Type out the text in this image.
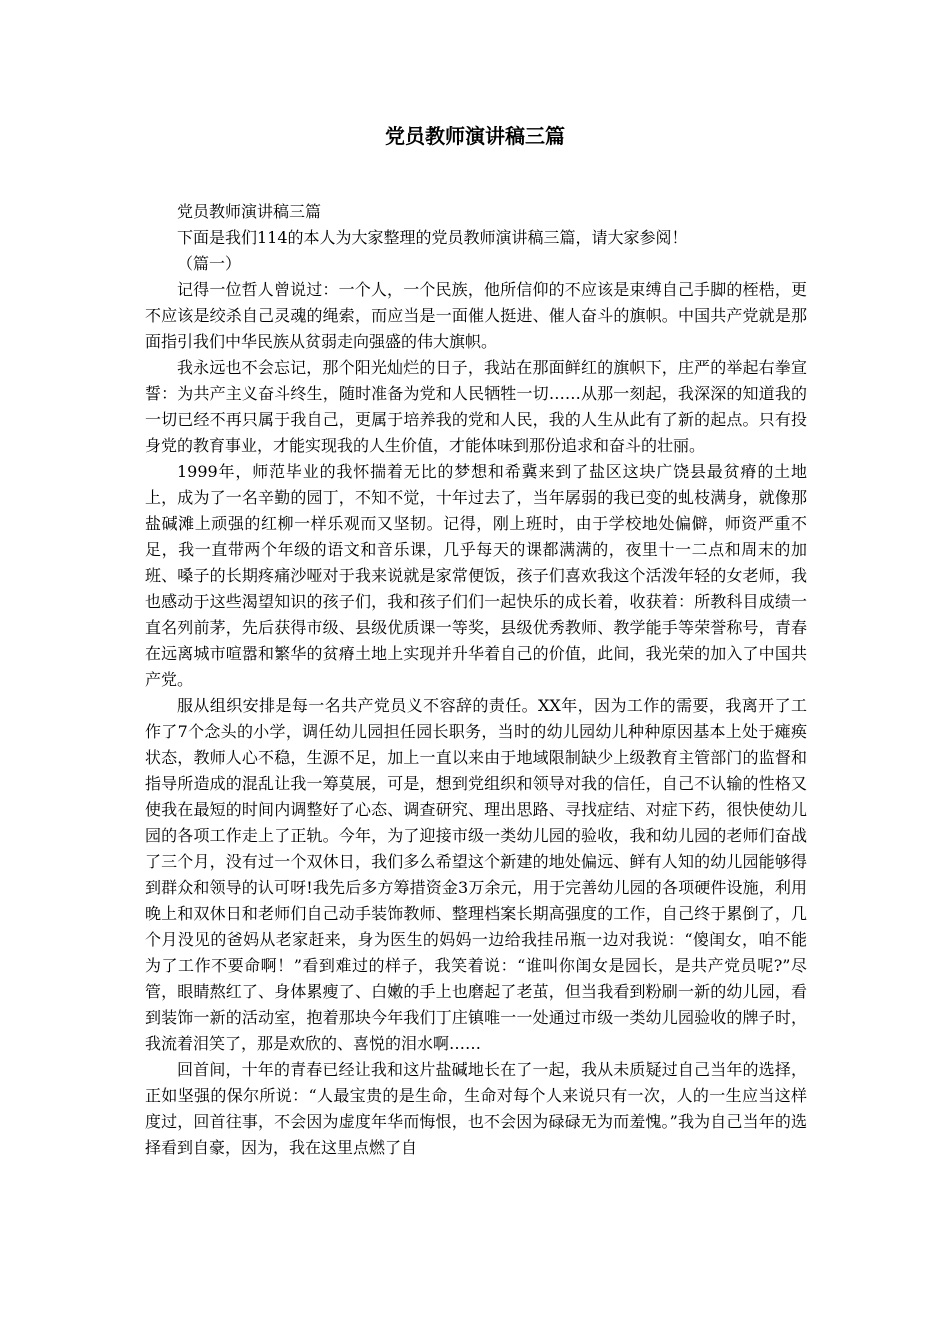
党员教师演讲稿三篇

党员教师演讲稿三篇

下面是我们114的本人为大家整理的党员教师演讲稿三篇，请大家参阅！

（篇一）

记得一位哲人曾说过：一个人，一个民族，他所信仰的不应该是束缚自己手脚的桎梏，更不应该是绞杀自己灵魂的绳索，而应当是一面催人挺进、催人奋斗的旗帜。中国共产党就是那面指引我们中华民族从贫弱走向强盛的伟大旗帜。

我永远也不会忘记，那个阳光灿烂的日子，我站在那面鲜红的旗帜下，庄严的举起右拳宣誓：为共产主义奋斗终生，随时准备为党和人民牺牲一切……从那一刻起，我深深的知道我的一切已经不再只属于我自己，更属于培养我的党和人民，我的人生从此有了新的起点。只有投身党的教育事业，才能实现我的人生价值，才能体味到那份追求和奋斗的壮丽。

1999年，师范毕业的我怀揣着无比的梦想和希冀来到了盐区这块广饶县最贫瘠的土地上，成为了一名辛勤的园丁，不知不觉，十年过去了，当年孱弱的我已变的虬枝满身，就像那盐碱滩上顽强的红柳一样乐观而又坚韧。记得，刚上班时，由于学校地处偏僻，师资严重不足，我一直带两个年级的语文和音乐课，几乎每天的课都满满的，夜里十一二点和周末的加班、嗓子的长期疼痛沙哑对于我来说就是家常便饭，孩子们喜欢我这个活泼年轻的女老师，我也感动于这些渴望知识的孩子们，我和孩子们们一起快乐的成长着，收获着：所教科目成绩一直名列前茅，先后获得市级、县级优质课一等奖，县级优秀教师、教学能手等荣誉称号，青春在远离城市喧嚣和繁华的贫瘠土地上实现并升华着自己的价值，此间，我光荣的加入了中国共产党。

服从组织安排是每一名共产党员义不容辞的责任。XX年，因为工作的需要，我离开了工作了7个念头的小学，调任幼儿园担任园长职务，当时的幼儿园幼儿种种原因基本上处于瘫痪状态，教师人心不稳，生源不足，加上一直以来由于地域限制缺少上级教育主管部门的监督和指导所造成的混乱让我一筹莫展，可是，想到党组织和领导对我的信任，自己不认输的性格又使我在最短的时间内调整好了心态、调查研究、理出思路、寻找症结、对症下药，很快使幼儿园的各项工作走上了正轨。今年，为了迎接市级一类幼儿园的验收，我和幼儿园的老师们奋战了三个月，没有过一个双休日，我们多么希望这个新建的地处偏远、鲜有人知的幼儿园能够得到群众和领导的认可呀!我先后多方筹措资金3万余元，用于完善幼儿园的各项硬件设施，利用晚上和双休日和老师们自己动手装饰教师、整理档案长期高强度的工作，自己终于累倒了，几个月没见的爸妈从老家赶来，身为医生的妈妈一边给我挂吊瓶一边对我说：“傻闺女，咱不能为了工作不要命啊！”看到难过的样子，我笑着说：“谁叫你闺女是园长，是共产党员呢?”尽管，眼睛熬红了、身体累瘦了、白嫩的手上也磨起了老茧，但当我看到粉刷一新的幼儿园，看到装饰一新的活动室，抱着那块今年我们丁庄镇唯一一处通过市级一类幼儿园验收的牌子时，我流着泪笑了，那是欢欣的、喜悦的泪水啊……

回首间，十年的青春已经让我和这片盐碱地长在了一起，我从未质疑过自己当年的选择，正如坚强的保尔所说：“人最宝贵的是生命，生命对每个人来说只有一次，人的一生应当这样度过，回首往事，不会因为虚度年华而悔恨，也不会因为碌碌无为而羞愧。”我为自己当年的选择看到自豪，因为，我在这里点燃了自
